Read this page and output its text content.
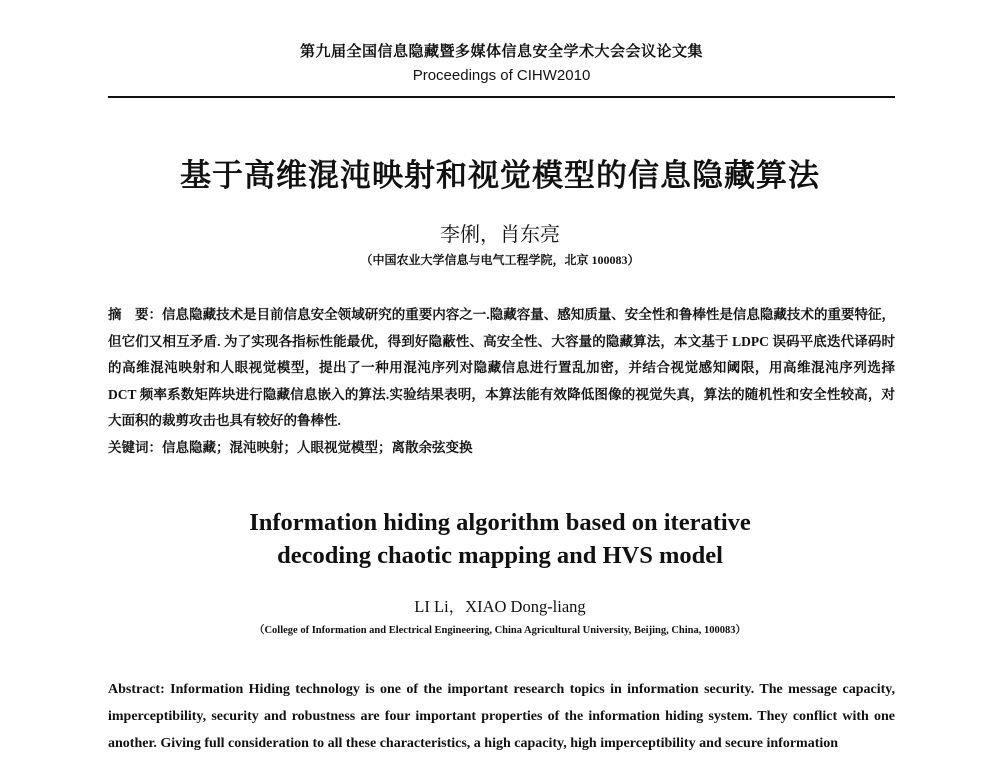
第九届全国信息隐藏暨多媒体信息安全学术大会会议论文集
Proceedings of CIHW2010
基于高维混沌映射和视觉模型的信息隐藏算法
李俐，肖东亮
（中国农业大学信息与电气工程学院，北京 100083）
摘　要：信息隐藏技术是目前信息安全领域研究的重要内容之一.隐藏容量、感知质量、安全性和鲁棒性是信息隐藏技术的重要特征，但它们又相互矛盾. 为了实现各指标性能最优，得到好隐蔽性、高安全性、大容量的隐藏算法，本文基于 LDPC 误码平底迭代译码时的高维混沌映射和人眼视觉模型，提出了一种用混沌序列对隐藏信息进行置乱加密，并结合视觉感知阈限，用高维混沌序列选择 DCT 频率系数矩阵块进行隐藏信息嵌入的算法.实验结果表明，本算法能有效降低图像的视觉失真，算法的随机性和安全性较高，对大面积的裁剪攻击也具有较好的鲁棒性.
关键词：信息隐藏；混沌映射；人眼视觉模型；离散余弦变换
Information hiding algorithm based on iterative
decoding chaotic mapping and HVS model
LI Li，XIAO Dong-liang
（College of Information and Electrical Engineering, China Agricultural University, Beijing, China, 100083）
Abstract: Information Hiding technology is one of the important research topics in information security. The message capacity, imperceptibility, security and robustness are four important properties of the information hiding system. They conflict with one another. Giving full consideration to all these characteristics, a high capacity, high imperceptibility and secure information
